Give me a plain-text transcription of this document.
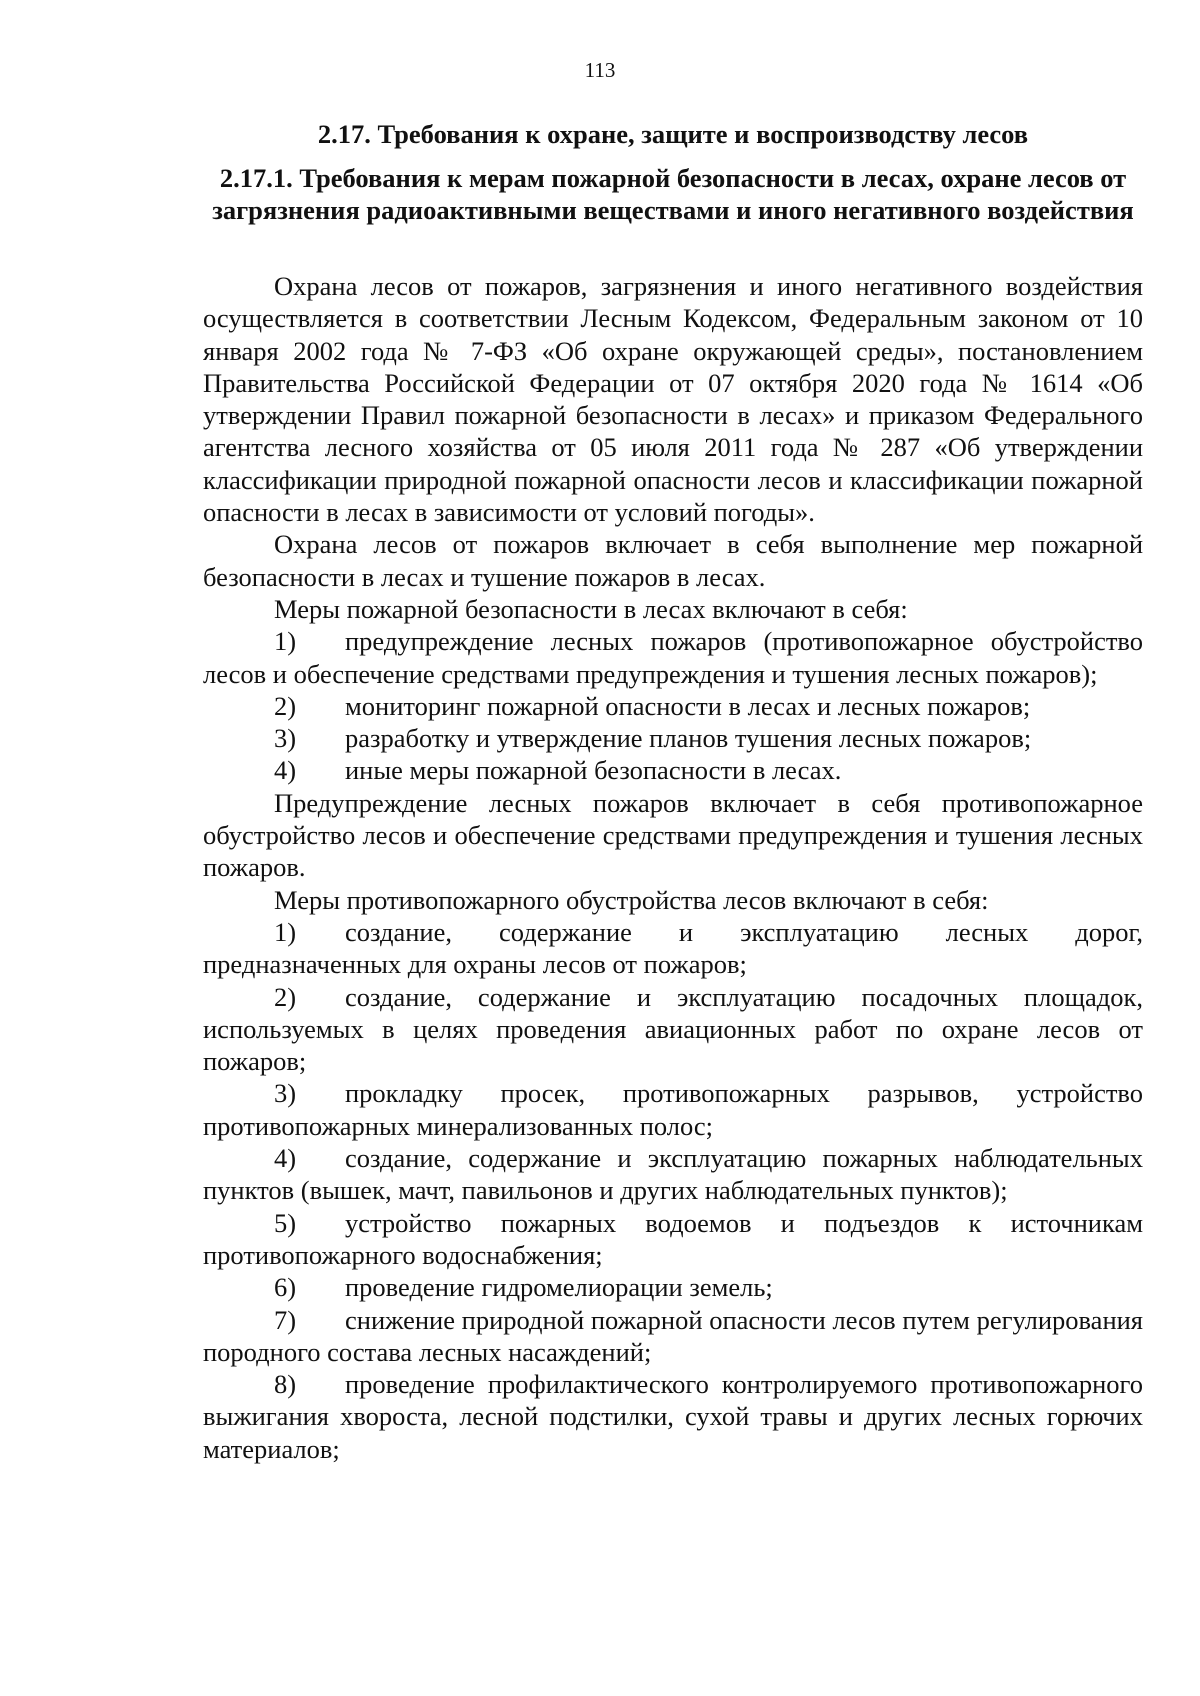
113
2.17. Требования к охране, защите и воспроизводству лесов
2.17.1. Требования к мерам пожарной безопасности в лесах, охране лесов от загрязнения радиоактивными веществами и иного негативного воздействия

Охрана лесов от пожаров, загрязнения и иного негативного воздействия осуществляется в соответствии Лесным Кодексом, Федеральным законом от 10 января 2002 года № 7-ФЗ «Об охране окружающей среды», постановлением Правительства Российской Федерации от 07 октября 2020 года № 1614 «Об утверждении Правил пожарной безопасности в лесах» и приказом Федерального агентства лесного хозяйства от 05 июля 2011 года № 287 «Об утверждении классификации природной пожарной опасности лесов и классификации пожарной опасности в лесах в зависимости от условий погоды».

Охрана лесов от пожаров включает в себя выполнение мер пожарной безопасности в лесах и тушение пожаров в лесах.

Меры пожарной безопасности в лесах включают в себя:

1) предупреждение лесных пожаров (противопожарное обустройство лесов и обеспечение средствами предупреждения и тушения лесных пожаров);

2) мониторинг пожарной опасности в лесах и лесных пожаров;

3) разработку и утверждение планов тушения лесных пожаров;

4) иные меры пожарной безопасности в лесах.

Предупреждение лесных пожаров включает в себя противопожарное обустройство лесов и обеспечение средствами предупреждения и тушения лесных пожаров.

Меры противопожарного обустройства лесов включают в себя:

1) создание, содержание и эксплуатацию лесных дорог, предназначенных для охраны лесов от пожаров;

2) создание, содержание и эксплуатацию посадочных площадок, используемых в целях проведения авиационных работ по охране лесов от пожаров;

3) прокладку просек, противопожарных разрывов, устройство противопожарных минерализованных полос;

4) создание, содержание и эксплуатацию пожарных наблюдательных пунктов (вышек, мачт, павильонов и других наблюдательных пунктов);

5) устройство пожарных водоемов и подъездов к источникам противопожарного водоснабжения;

6) проведение гидромелиорации земель;

7) снижение природной пожарной опасности лесов путем регулирования породного состава лесных насаждений;

8) проведение профилактического контролируемого противопожарного выжигания хвороста, лесной подстилки, сухой травы и других лесных горючих материалов;
